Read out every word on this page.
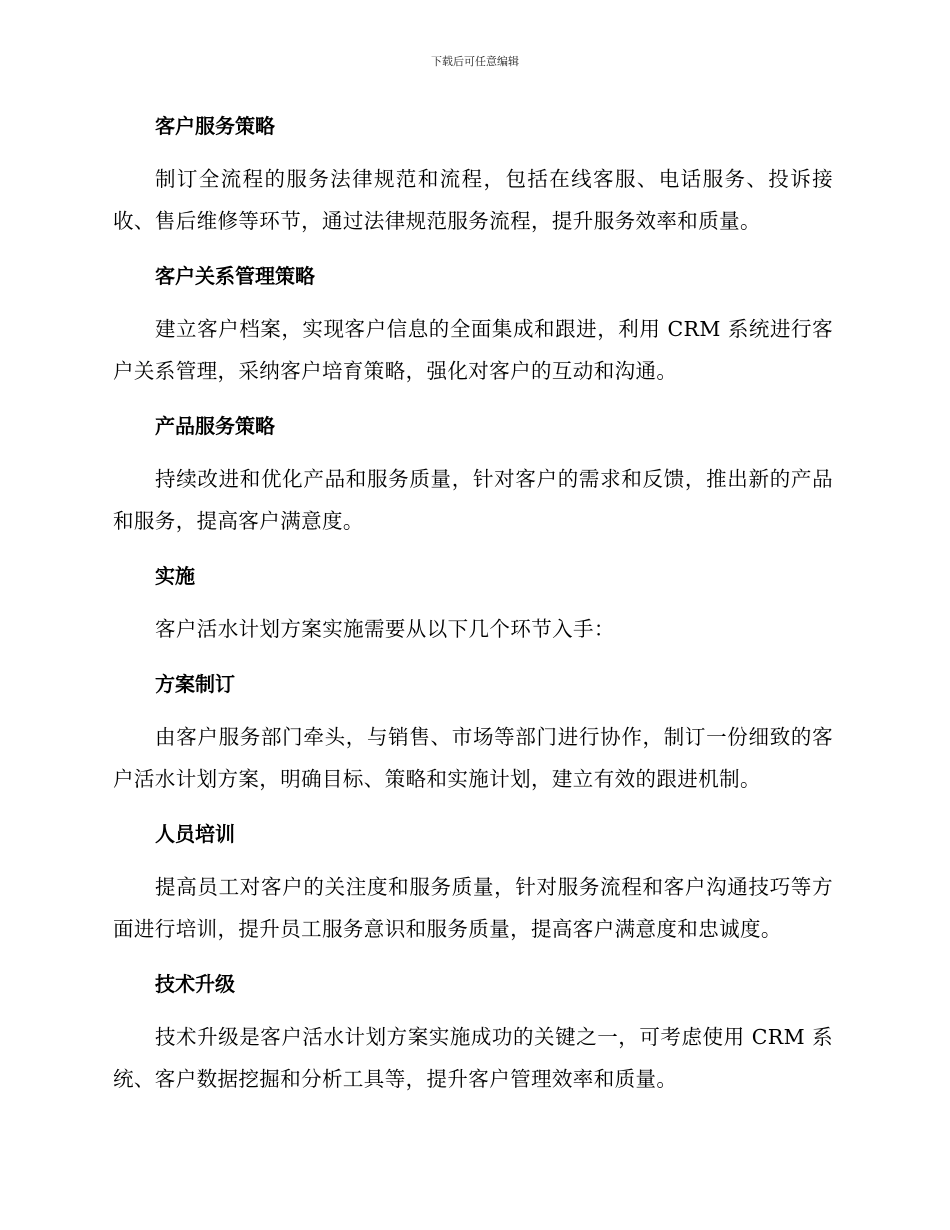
下载后可任意编辑
客户服务策略

制订全流程的服务法律规范和流程，包括在线客服、电话服务、投诉接收、售后维修等环节，通过法律规范服务流程，提升服务效率和质量。

客户关系管理策略

建立客户档案，实现客户信息的全面集成和跟进，利用 CRM 系统进行客户关系管理，采纳客户培育策略，强化对客户的互动和沟通。

产品服务策略

持续改进和优化产品和服务质量，针对客户的需求和反馈，推出新的产品和服务，提高客户满意度。

实施

客户活水计划方案实施需要从以下几个环节入手：

方案制订

由客户服务部门牵头，与销售、市场等部门进行协作，制订一份细致的客户活水计划方案，明确目标、策略和实施计划，建立有效的跟进机制。

人员培训

提高员工对客户的关注度和服务质量，针对服务流程和客户沟通技巧等方面进行培训，提升员工服务意识和服务质量，提高客户满意度和忠诚度。

技术升级

技术升级是客户活水计划方案实施成功的关键之一，可考虑使用 CRM 系统、客户数据挖掘和分析工具等，提升客户管理效率和质量。
